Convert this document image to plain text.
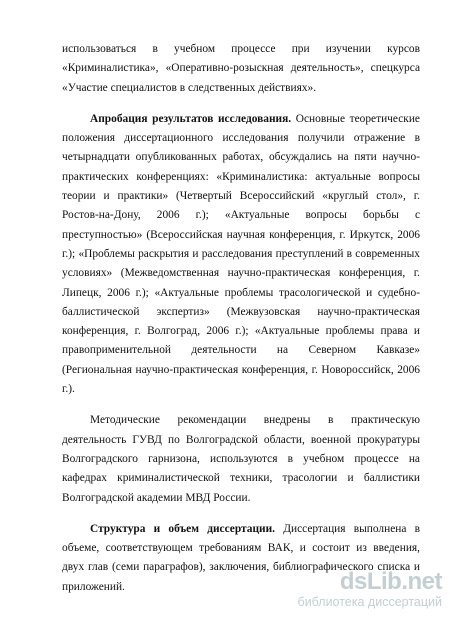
использоваться в учебном процессе при изучении курсов «Криминалистика», «Оперативно-розыскная деятельность», спецкурса «Участие специалистов в следственных действиях».

Апробация результатов исследования. Основные теоретические положения диссертационного исследования получили отражение в четырнадцати опубликованных работах, обсуждались на пяти научно-практических конференциях: «Криминалистика: актуальные вопросы теории и практики» (Четвертый Всероссийский «круглый стол», г. Ростов-на-Дону, 2006 г.); «Актуальные вопросы борьбы с преступностью» (Всероссийская научная конференция, г. Иркутск, 2006 г.); «Проблемы раскрытия и расследования преступлений в современных условиях» (Межведомственная научно-практическая конференция, г. Липецк, 2006 г.); «Актуальные проблемы трасологической и судебно-баллистической экспертиз» (Межвузовская научно-практическая конференция, г. Волгоград, 2006 г.); «Актуальные проблемы права и правоприменительной деятельности на Северном Кавказе» (Региональная научно-практическая конференция, г. Новороссийск, 2006 г.).

Методические рекомендации внедрены в практическую деятельность ГУВД по Волгоградской области, военной прокуратуры Волгоградского гарнизона, используются в учебном процессе на кафедрах криминалистической техники, трасологии и баллистики Волгоградской академии МВД России.

Структура и объем диссертации. Диссертация выполнена в объеме, соответствующем требованиям ВАК, и состоит из введения, двух глав (семи параграфов), заключения, библиографического списка и приложений.	dsLib.net
библиотека диссертаций
